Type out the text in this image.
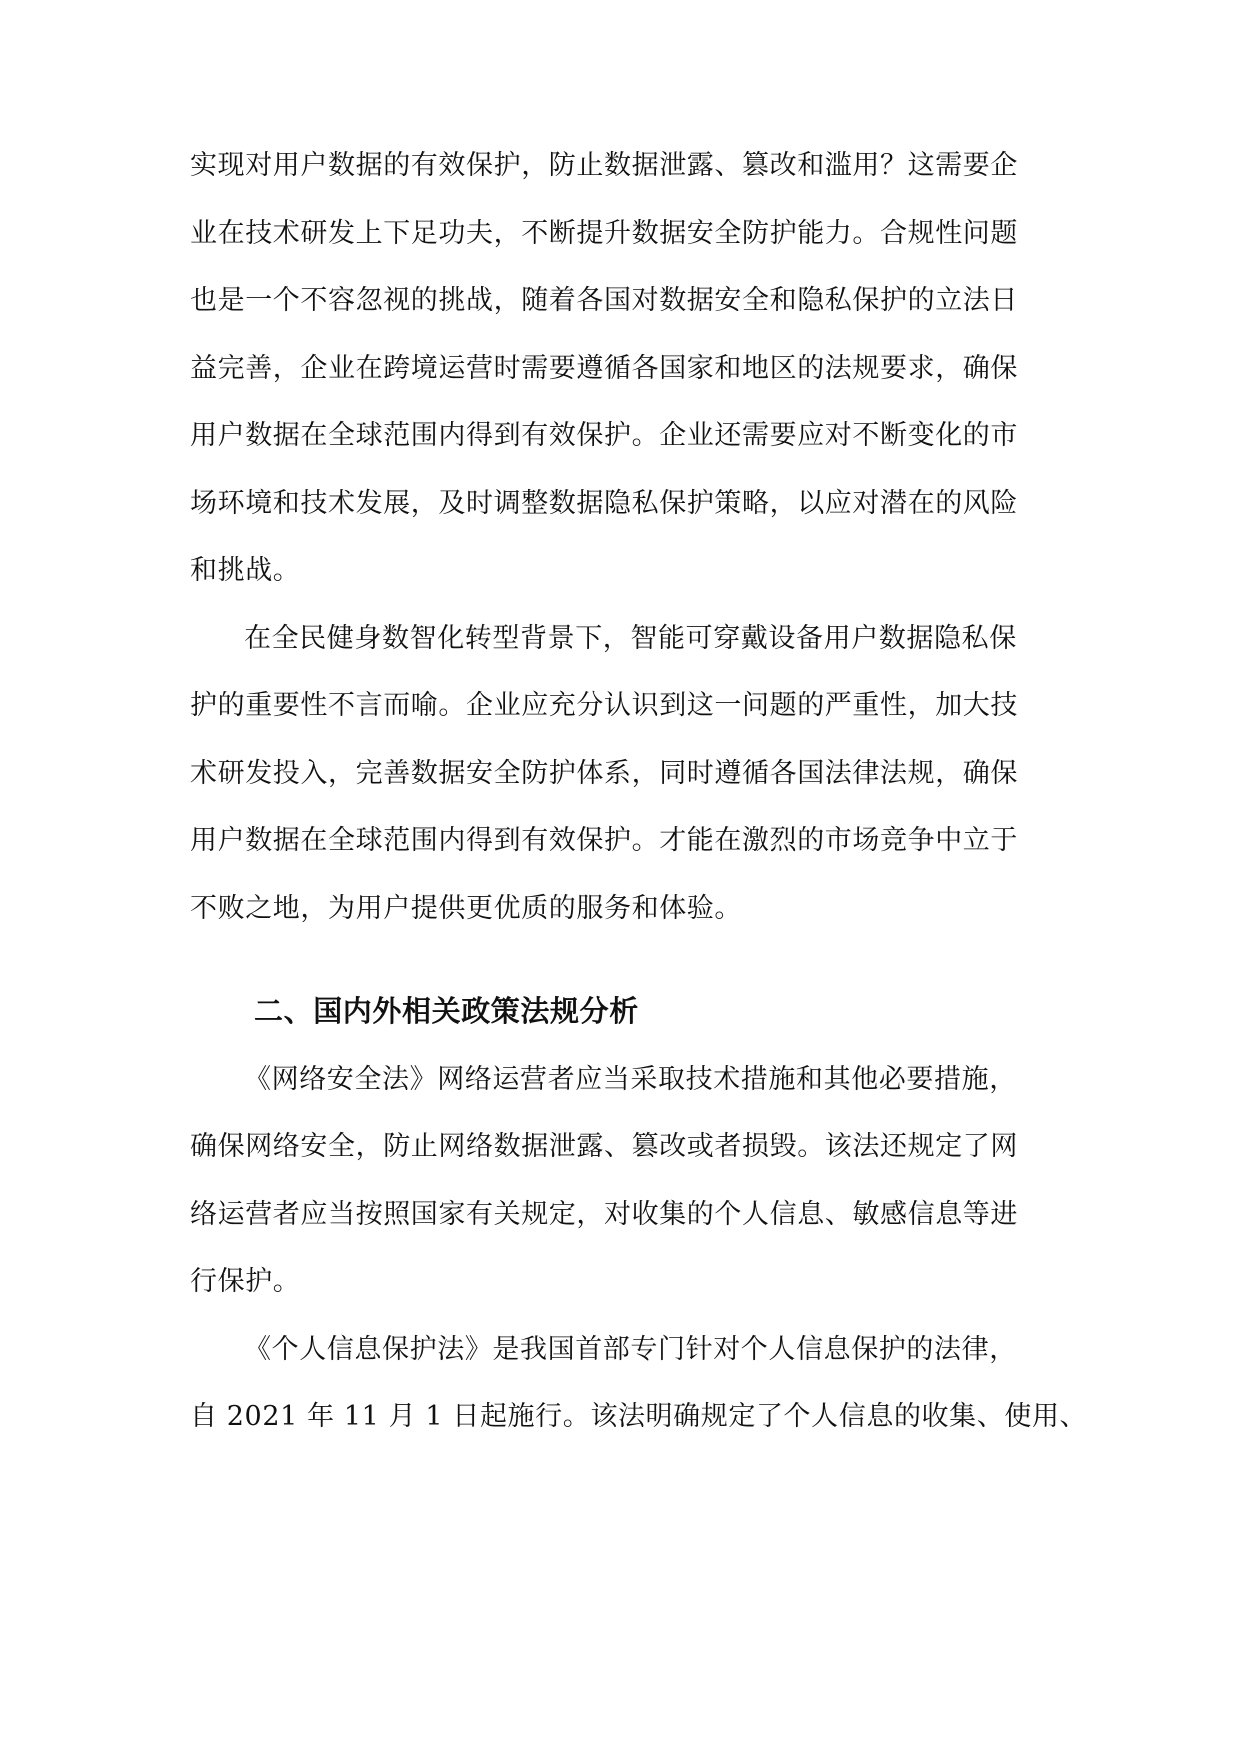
实现对用户数据的有效保护，防止数据泄露、篡改和滥用？这需要企
业在技术研发上下足功夫，不断提升数据安全防护能力。合规性问题
也是一个不容忽视的挑战，随着各国对数据安全和隐私保护的立法日
益完善，企业在跨境运营时需要遵循各国家和地区的法规要求，确保
用户数据在全球范围内得到有效保护。企业还需要应对不断变化的市
场环境和技术发展，及时调整数据隐私保护策略，以应对潜在的风险
和挑战。

在全民健身数智化转型背景下，智能可穿戴设备用户数据隐私保
护的重要性不言而喻。企业应充分认识到这一问题的严重性，加大技
术研发投入，完善数据安全防护体系，同时遵循各国法律法规，确保
用户数据在全球范围内得到有效保护。才能在激烈的市场竞争中立于
不败之地，为用户提供更优质的服务和体验。

二、国内外相关政策法规分析

《网络安全法》网络运营者应当采取技术措施和其他必要措施，
确保网络安全，防止网络数据泄露、篡改或者损毁。该法还规定了网
络运营者应当按照国家有关规定，对收集的个人信息、敏感信息等进
行保护。

《个人信息保护法》是我国首部专门针对个人信息保护的法律，
自 2021 年 11 月 1 日起施行。该法明确规定了个人信息的收集、使用、
